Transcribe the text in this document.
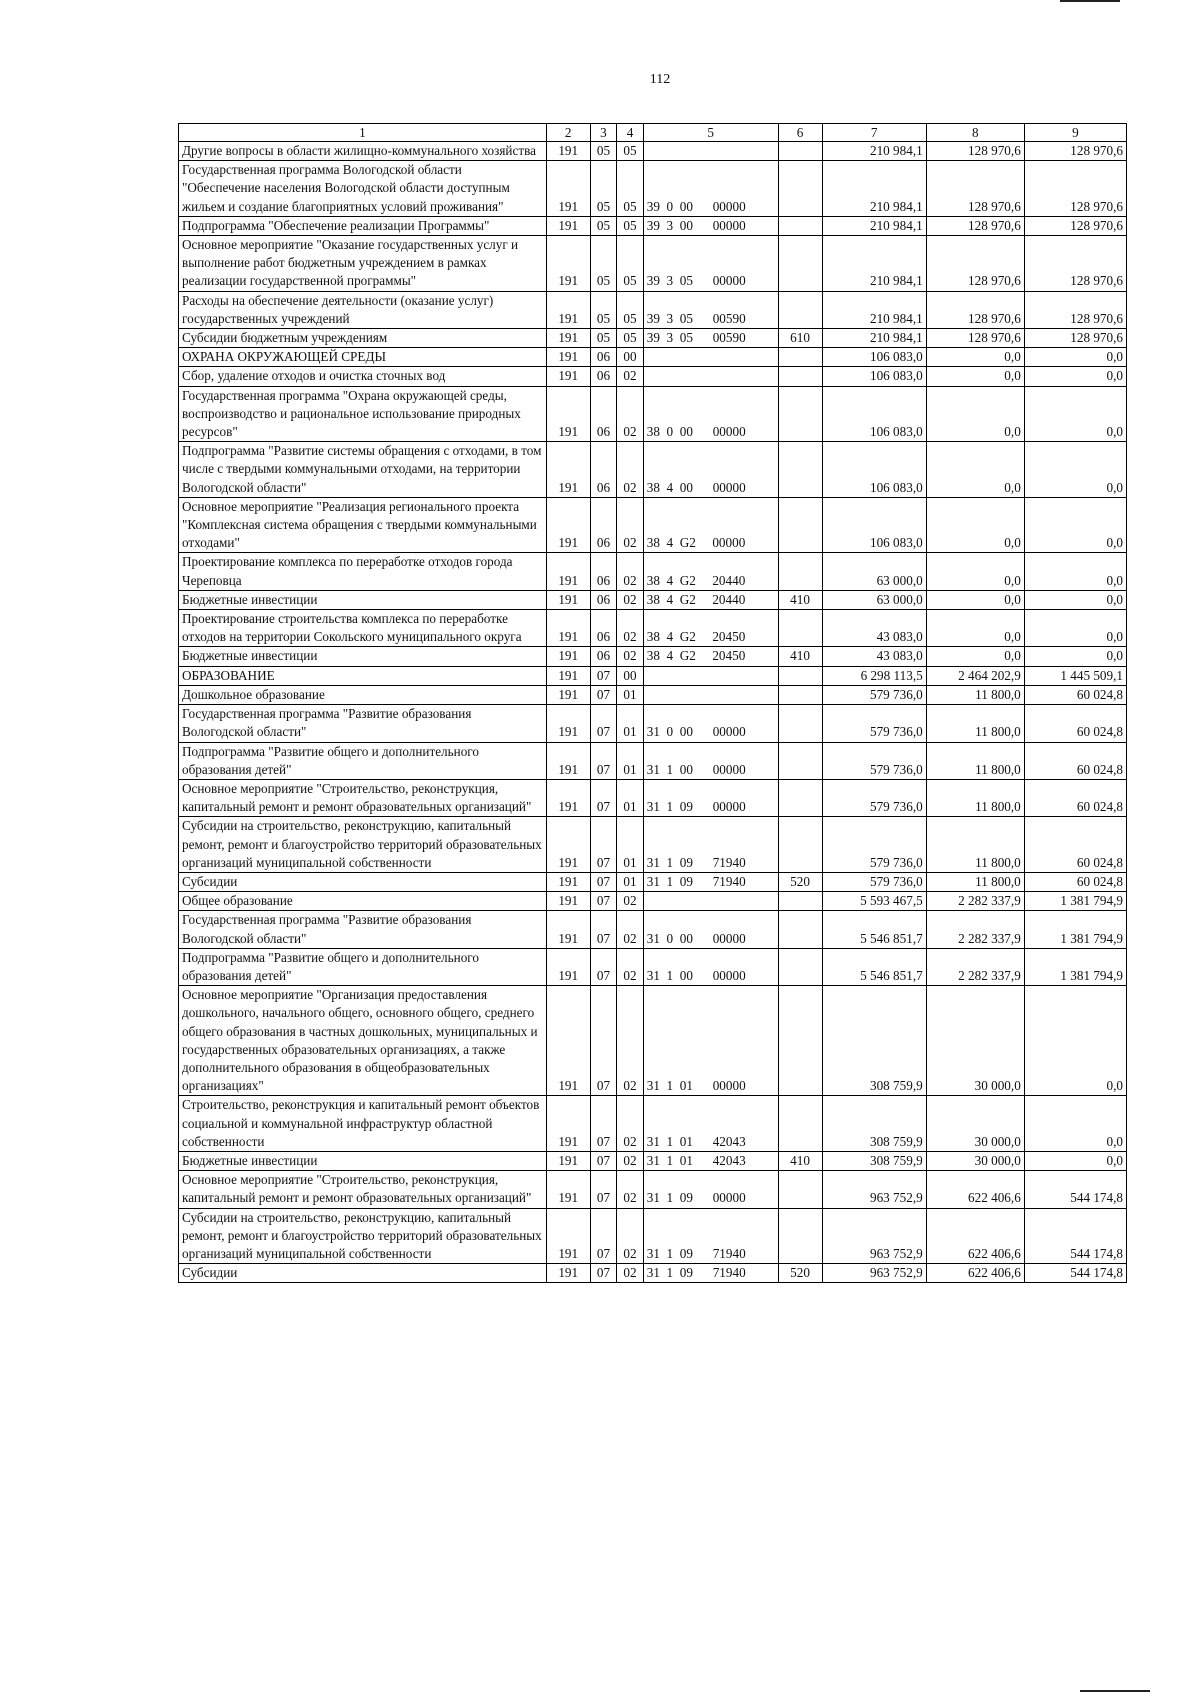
112
1	2	3	4	5	6	7	8	9
Другие вопросы в области жилищно-коммунального хозяйства	191	05	05			210 984,1	128 970,6	128 970,6
Государственная программа Вологодской области "Обеспечение населения Вологодской области доступным жильем и создание благоприятных условий проживания"	191	05	05	39  0  00      00000		210 984,1	128 970,6	128 970,6
Подпрограмма "Обеспечение реализации Программы"	191	05	05	39  3  00      00000		210 984,1	128 970,6	128 970,6
Основное мероприятие "Оказание государственных услуг и выполнение работ бюджетным учреждением в рамках реализации государственной программы"	191	05	05	39  3  05      00000		210 984,1	128 970,6	128 970,6
Расходы на обеспечение деятельности (оказание услуг) государственных учреждений	191	05	05	39  3  05      00590		210 984,1	128 970,6	128 970,6
Субсидии бюджетным учреждениям	191	05	05	39  3  05      00590	610	210 984,1	128 970,6	128 970,6
ОХРАНА ОКРУЖАЮЩЕЙ СРЕДЫ	191	06	00			106 083,0	0,0	0,0
Сбор, удаление отходов и очистка сточных вод	191	06	02			106 083,0	0,0	0,0
Государственная программа "Охрана окружающей среды, воспроизводство и рациональное использование природных ресурсов"	191	06	02	38  0  00      00000		106 083,0	0,0	0,0
Подпрограмма "Развитие системы обращения с отходами, в том числе с твердыми коммунальными отходами, на территории Вологодской области"	191	06	02	38  4  00      00000		106 083,0	0,0	0,0
Основное мероприятие "Реализация регионального проекта "Комплексная система обращения с твердыми коммунальными отходами"	191	06	02	38  4  G2     00000		106 083,0	0,0	0,0
Проектирование комплекса по переработке отходов города Череповца	191	06	02	38  4  G2     20440		63 000,0	0,0	0,0
Бюджетные инвестиции	191	06	02	38  4  G2     20440	410	63 000,0	0,0	0,0
Проектирование строительства комплекса по переработке отходов на территории Сокольского муниципального округа	191	06	02	38  4  G2     20450		43 083,0	0,0	0,0
Бюджетные инвестиции	191	06	02	38  4  G2     20450	410	43 083,0	0,0	0,0
ОБРАЗОВАНИЕ	191	07	00			6 298 113,5	2 464 202,9	1 445 509,1
Дошкольное образование	191	07	01			579 736,0	11 800,0	60 024,8
Государственная программа "Развитие образования Вологодской области"	191	07	01	31  0  00      00000		579 736,0	11 800,0	60 024,8
Подпрограмма "Развитие общего и дополнительного образования детей"	191	07	01	31  1  00      00000		579 736,0	11 800,0	60 024,8
Основное мероприятие "Строительство, реконструкция, капитальный ремонт и ремонт образовательных организаций"	191	07	01	31  1  09      00000		579 736,0	11 800,0	60 024,8
Субсидии на строительство, реконструкцию, капитальный ремонт, ремонт и благоустройство территорий образовательных организаций муниципальной собственности	191	07	01	31  1  09      71940		579 736,0	11 800,0	60 024,8
Субсидии	191	07	01	31  1  09      71940	520	579 736,0	11 800,0	60 024,8
Общее образование	191	07	02			5 593 467,5	2 282 337,9	1 381 794,9
Государственная программа "Развитие образования Вологодской области"	191	07	02	31  0  00      00000		5 546 851,7	2 282 337,9	1 381 794,9
Подпрограмма "Развитие общего и дополнительного образования детей"	191	07	02	31  1  00      00000		5 546 851,7	2 282 337,9	1 381 794,9
Основное мероприятие "Организация предоставления дошкольного, начального общего, основного общего, среднего общего образования в частных дошкольных, муниципальных и государственных образовательных организациях, а также дополнительного образования в общеобразовательных организациях"	191	07	02	31  1  01      00000		308 759,9	30 000,0	0,0
Строительство, реконструкция и капитальный ремонт объектов социальной и коммунальной инфраструктур областной собственности	191	07	02	31  1  01      42043		308 759,9	30 000,0	0,0
Бюджетные инвестиции	191	07	02	31  1  01      42043	410	308 759,9	30 000,0	0,0
Основное мероприятие "Строительство, реконструкция, капитальный ремонт и ремонт образовательных организаций"	191	07	02	31  1  09      00000		963 752,9	622 406,6	544 174,8
Субсидии на строительство, реконструкцию, капитальный ремонт, ремонт и благоустройство территорий образовательных организаций муниципальной собственности	191	07	02	31  1  09      71940		963 752,9	622 406,6	544 174,8
Субсидии	191	07	02	31  1  09      71940	520	963 752,9	622 406,6	544 174,8
